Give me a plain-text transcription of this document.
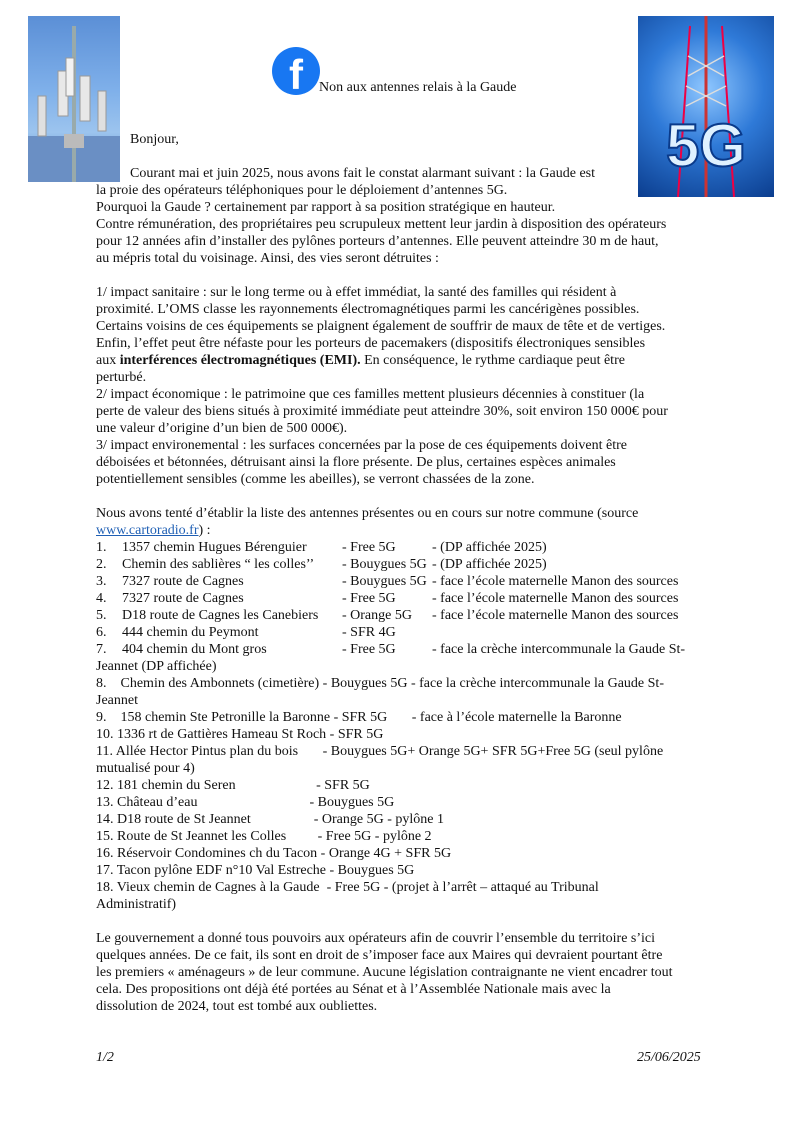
f	Non aux antennes relais à la Gaude
5G
Bonjour,

Courant mai et juin 2025, nous avons fait le constat alarmant suivant : la Gaude est

la proie des opérateurs téléphoniques pour le déploiement d’antennes 5G.

Pourquoi la Gaude ? certainement par rapport à sa position stratégique en hauteur.

Contre rémunération, des propriétaires peu scrupuleux mettent leur jardin à disposition des opérateurs

pour 12 années afin d’installer des pylônes porteurs d’antennes. Elle peuvent atteindre 30 m de haut,

au mépris total du voisinage. Ainsi, des vies seront détruites :

1/ impact sanitaire : sur le long terme ou à effet immédiat, la santé des familles qui résident à

proximité. L’OMS classe les rayonnements électromagnétiques parmi les cancérigènes possibles.

Certains voisins de ces équipements se plaignent également de souffrir de maux de tête et de vertiges.

Enfin, l’effet peut être néfaste pour les porteurs de pacemakers (dispositifs électroniques sensibles

aux interférences électromagnétiques (EMI). En conséquence, le rythme cardiaque peut être

perturbé.

2/ impact économique : le patrimoine que ces familles mettent plusieurs décennies à constituer (la

perte de valeur des biens situés à proximité immédiate peut atteindre 30%, soit environ 150 000€ pour

une valeur d’origine d’un bien de 500 000€).

3/ impact environemental : les surfaces concernées par la pose de ces équipements doivent être

déboisées et bétonnées, détruisant ainsi la flore présente. De plus, certaines espèces animales

potentiellement sensibles (comme les abeilles), se verront chassées de la zone.

Nous avons tenté d’établir la liste des antennes présentes ou en cours sur notre commune (source

www.cartoradio.fr) :

1.	1357 chemin Hugues Bérenguier	- Free 5G	- (DP affichée 2025)
2.	Chemin des sablières “ les colles’’	- Bouygues 5G - (DP affichée 2025)
3.	7327 route de Cagnes	- Bouygues 5G - face l’école maternelle Manon des sources
4.	7327 route de Cagnes	- Free 5G	- face l’école maternelle Manon des sources
5.	D18 route de Cagnes les Canebiers	- Orange 5G	- face l’école maternelle Manon des sources
6.	444 chemin du Peymont	- SFR 4G
7.	404 chemin du Mont gros	- Free 5G	- face la crèche intercommunale la Gaude St-

Jeannet (DP affichée)

8.    Chemin des Ambonnets (cimetière) - Bouygues 5G - face la crèche intercommunale la Gaude St-

Jeannet

9.    158 chemin Ste Petronille la Baronne - SFR 5G       - face à l’école maternelle la Baronne

10. 1336 rt de Gattières Hameau St Roch - SFR 5G

11. Allée Hector Pintus plan du bois       - Bouygues 5G+ Orange 5G+ SFR 5G+Free 5G (seul pylône

mutualisé pour 4)

12. 181 chemin du Seren                       - SFR 5G

13. Château d’eau                                - Bouygues 5G

14. D18 route de St Jeannet                  - Orange 5G - pylône 1

15. Route de St Jeannet les Colles         - Free 5G - pylône 2

16. Réservoir Condomines ch du Tacon - Orange 4G + SFR 5G

17. Tacon pylône EDF n°10 Val Estreche - Bouygues 5G

18. Vieux chemin de Cagnes à la Gaude  - Free 5G - (projet à l’arrêt – attaqué au Tribunal

Administratif)

Le gouvernement a donné tous pouvoirs aux opérateurs afin de couvrir l’ensemble du territoire s’ici

quelques années. De ce fait, ils sont en droit de s’imposer face aux Maires qui devraient pourtant être

les premiers « aménageurs » de leur commune. Aucune législation contraignante ne vient encadrer tout

cela. Des propositions ont déjà été portées au Sénat et à l’Assemblée Nationale mais avec la

dissolution de 2024, tout est tombé aux oubliettes.

1/2	25/06/2025
